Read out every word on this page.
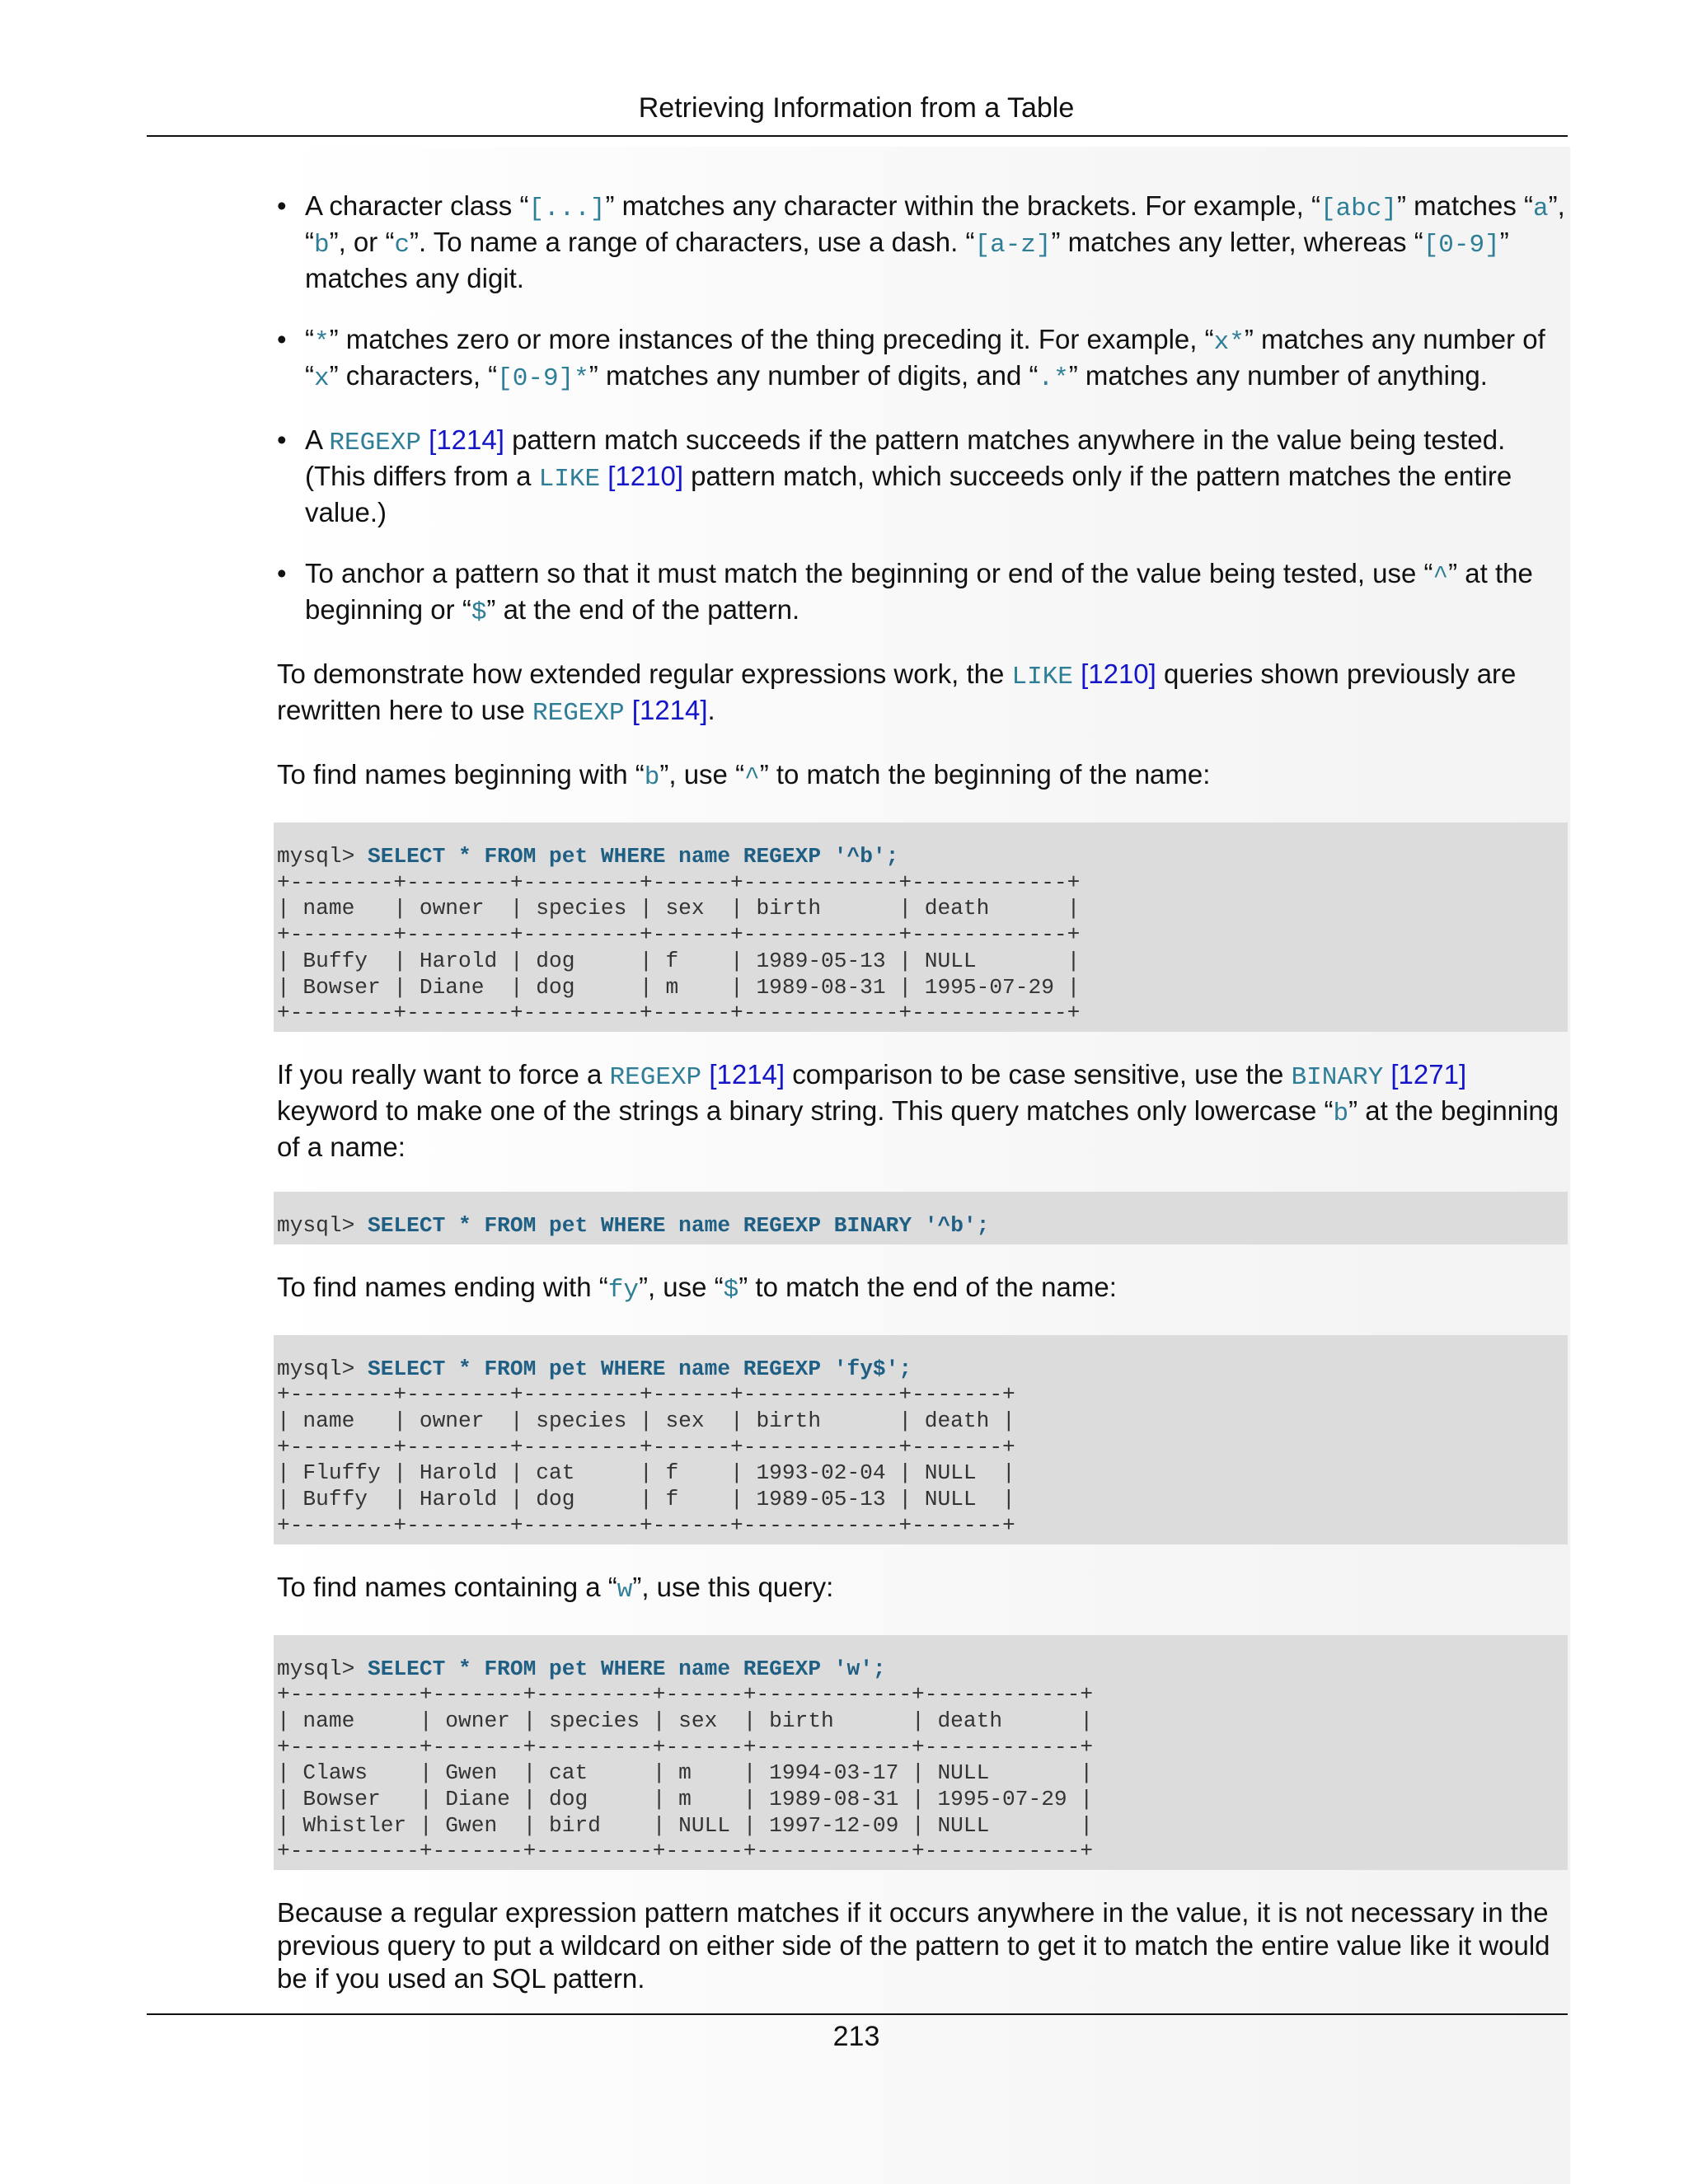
Retrieving Information from a Table
• A character class “[...]” matches any character within the brackets. For example, “[abc]” matches “a”, “b”, or “c”. To name a range of characters, use a dash. “[a-z]” matches any letter, whereas “[0-9]” matches any digit.
• “*” matches zero or more instances of the thing preceding it. For example, “x*” matches any number of “x” characters, “[0-9]*” matches any number of digits, and “.*” matches any number of anything.
• A REGEXP [1214] pattern match succeeds if the pattern matches anywhere in the value being tested. (This differs from a LIKE [1210] pattern match, which succeeds only if the pattern matches the entire value.)
• To anchor a pattern so that it must match the beginning or end of the value being tested, use “^” at the beginning or “$” at the end of the pattern.

To demonstrate how extended regular expressions work, the LIKE [1210] queries shown previously are rewritten here to use REGEXP [1214].

To find names beginning with “b”, use “^” to match the beginning of the name:

mysql> SELECT * FROM pet WHERE name REGEXP '^b';
+--------+--------+---------+------+------------+------------+
| name   | owner  | species | sex  | birth      | death      |
+--------+--------+---------+------+------------+------------+
| Buffy  | Harold | dog     | f    | 1989-05-13 | NULL       |
| Bowser | Diane  | dog     | m    | 1989-08-31 | 1995-07-29 |
+--------+--------+---------+------+------------+------------+

If you really want to force a REGEXP [1214] comparison to be case sensitive, use the BINARY [1271] keyword to make one of the strings a binary string. This query matches only lowercase “b” at the beginning of a name:

mysql> SELECT * FROM pet WHERE name REGEXP BINARY '^b';

To find names ending with “fy”, use “$” to match the end of the name:

mysql> SELECT * FROM pet WHERE name REGEXP 'fy$';
+--------+--------+---------+------+------------+-------+
| name   | owner  | species | sex  | birth      | death |
+--------+--------+---------+------+------------+-------+
| Fluffy | Harold | cat     | f    | 1993-02-04 | NULL  |
| Buffy  | Harold | dog     | f    | 1989-05-13 | NULL  |
+--------+--------+---------+------+------------+-------+

To find names containing a “w”, use this query:

mysql> SELECT * FROM pet WHERE name REGEXP 'w';
+----------+-------+---------+------+------------+------------+
| name     | owner | species | sex  | birth      | death      |
+----------+-------+---------+------+------------+------------+
| Claws    | Gwen  | cat     | m    | 1994-03-17 | NULL       |
| Bowser   | Diane | dog     | m    | 1989-08-31 | 1995-07-29 |
| Whistler | Gwen  | bird    | NULL | 1997-12-09 | NULL       |
+----------+-------+---------+------+------------+------------+

Because a regular expression pattern matches if it occurs anywhere in the value, it is not necessary in the previous query to put a wildcard on either side of the pattern to get it to match the entire value like it would be if you used an SQL pattern.

213
